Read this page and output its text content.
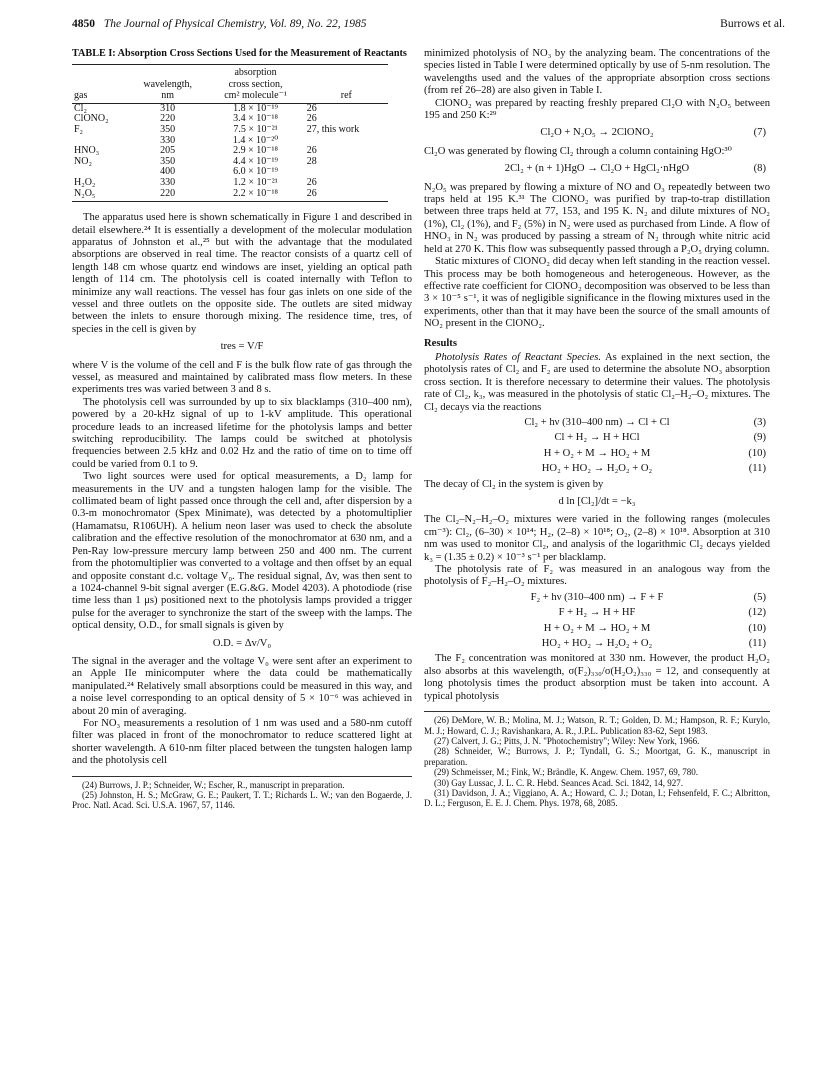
4850 The Journal of Physical Chemistry, Vol. 89, No. 22, 1985	Burrows et al.

TABLE I: Absorption Cross Sections Used for the Measurement of Reactants

		absorption	
	wavelength,	cross section,	
gas	nm	cm² molecule⁻¹	ref
Cl₂	310	1.8 × 10⁻¹⁹	26
ClONO₂	220	3.4 × 10⁻¹⁸	26
F₂	350	7.5 × 10⁻²¹	27, this work
	330	1.4 × 10⁻²⁰	
HNO₃	205	2.9 × 10⁻¹⁸	26
NO₂	350	4.4 × 10⁻¹⁹	28
	400	6.0 × 10⁻¹⁹	
H₂O₂	330	1.2 × 10⁻²¹	26
N₂O₅	220	2.2 × 10⁻¹⁸	26

The apparatus used here is shown schematically in Figure 1 and described in detail elsewhere.²⁴ It is essentially a development of the molecular modulation apparatus of Johnston et al.,²⁵ but with the advantage that the modulated absorptions are observed in real time. The reactor consists of a quartz cell of length 148 cm whose quartz end windows are inset, yielding an optical path length of 114 cm. The photolysis cell is coated internally with Teflon to minimize any wall reactions. The vessel has four gas inlets on one side of the vessel and three outlets on the opposite side. The outlets are sited midway between the inlets to ensure thorough mixing. The residence time, tres, of species in the cell is given by

tres = V/F

where V is the volume of the cell and F is the bulk flow rate of gas through the vessel, as measured and maintained by calibrated mass flow meters. In these experiments tres was varied between 3 and 8 s.

The photolysis cell was surrounded by up to six blacklamps (310–400 nm), powered by a 20-kHz signal of up to 1-kV amplitude. This operational procedure leads to an increased lifetime for the photolysis lamps and better switching reproducibility. The lamps could be switched at photolysis frequencies between 2.5 kHz and 0.02 Hz and the ratio of time on to time off could be varied from 0.1 to 9.

Two light sources were used for optical measurements, a D₂ lamp for measurements in the UV and a tungsten halogen lamp for the visible. The collimated beam of light passed once through the cell and, after dispersion by a 0.3-m monochromator (Spex Minimate), was detected by a photomultiplier (Hamamatsu, R106UH). A helium neon laser was used to check the absolute calibration and the effective resolution of the monochromator at 630 nm, and a Pen-Ray low-pressure mercury lamp between 250 and 400 nm. The current from the photomultiplier was converted to a voltage and then offset by an equal and opposite constant d.c. voltage V₀. The residual signal, Δv, was then sent to a 1024-channel 9-bit signal averger (E.G.&G. Model 4203). A photodiode (rise time less than 1 μs) positioned next to the photolysis lamps provided a trigger pulse for the averager to synchronize the start of the sweep with the lamps. The optical density, O.D., for small signals is given by

O.D. = Δv/V₀

The signal in the averager and the voltage V₀ were sent after an experiment to an Apple IIe minicomputer where the data could be mathematically manipulated.²⁴ Relatively small absorptions could be measured in this way, and a noise level corresponding to an optical density of 5 × 10⁻⁶ was achieved in about 20 min of averaging.

For NO₃ measurements a resolution of 1 nm was used and a 580-nm cutoff filter was placed in front of the monochromator to reduce scattered light at shorter wavelength. A 610-nm filter placed between the tungsten halogen lamp and the photolysis cell

(24) Burrows, J. P.; Schneider, W.; Escher, R., manuscript in preparation.
(25) Johnston, H. S.; McGraw, G. E.; Paukert, T. T.; Richards L. W.; van den Bogaerde, J. Proc. Natl. Acad. Sci. U.S.A. 1967, 57, 1146.

minimized photolysis of NO₃ by the analyzing beam. The concentrations of the species listed in Table I were determined optically by use of 5-nm resolution. The wavelengths used and the values of the appropriate absorption cross sections (from ref 26–28) are also given in Table I.

ClONO₂ was prepared by reacting freshly prepared Cl₂O with N₂O₅ between 195 and 250 K:²⁹

Cl₂O + N₂O₅ → 2ClONO₂	(7)

Cl₂O was generated by flowing Cl₂ through a column containing HgO:³⁰

2Cl₂ + (n + 1)HgO → Cl₂O + HgCl₂·nHgO	(8)

N₂O₅ was prepared by flowing a mixture of NO and O₃ repeatedly between two traps held at 195 K.³¹ The ClONO₂ was purified by trap-to-trap distillation between three traps held at 77, 153, and 195 K. N₂ and dilute mixtures of NO₂ (1%), Cl₂ (1%), and F₂ (5%) in N₂ were used as purchased from Linde. A flow of HNO₃ in N₂ was produced by passing a stream of N₂ through white nitric acid held at 270 K. This flow was subsequently passed through a P₂O₅ drying column.

Static mixtures of ClONO₂ did decay when left standing in the reaction vessel. This process may be both homogeneous and heterogeneous. However, as the effective rate coefficient for ClONO₂ decomposition was observed to be less than 3 × 10⁻⁵ s⁻¹, it was of negligible significance in the flowing mixtures used in the experiments, other than that it may have been the source of the small amounts of NO₂ present in the ClONO₂.

Results

Photolysis Rates of Reactant Species. As explained in the next section, the photolysis rates of Cl₂ and F₂ are used to determine the absolute NO₃ absorption cross section. It is therefore necessary to determine their values. The photolysis rate of Cl₂, k₃, was measured in the photolysis of static Cl₂–H₂–O₂ mixtures. The Cl₂ decays via the reactions

Cl₂ + hν (310–400 nm) → Cl + Cl	(3)
Cl + H₂ → H + HCl	(9)
H + O₂ + M → HO₂ + M	(10)
HO₂ + HO₂ → H₂O₂ + O₂	(11)

The decay of Cl₂ in the system is given by

d ln [Cl₂]/dt = −k₃

The Cl₂–N₂–H₂–O₂ mixtures were varied in the following ranges (molecules cm⁻³): Cl₂, (6–30) × 10¹⁴; H₂, (2–8) × 10¹⁸; O₂, (2–8) × 10¹⁸. Absorption at 310 nm was used to monitor Cl₂, and analysis of the logarithmic Cl₂ decays yielded k₃ = (1.35 ± 0.2) × 10⁻³ s⁻¹ per blacklamp.

The photolysis rate of F₂ was measured in an analogous way from the photolysis of F₂–H₂–O₂ mixtures.

F₂ + hν (310–400 nm) → F + F	(5)
F + H₂ → H + HF	(12)
H + O₂ + M → HO₂ + M	(10)
HO₂ + HO₂ → H₂O₂ + O₂	(11)

The F₂ concentration was monitored at 330 nm. However, the product H₂O₂ also absorbs at this wavelength, σ(F₂)₃₃₀/σ(H₂O₂)₃₃₀ = 12, and consequently at long photolysis times the product absorption must be taken into account. A typical photolysis

(26) DeMore, W. B.; Molina, M. J.; Watson, R. T.; Golden, D. M.; Hampson, R. F.; Kurylo, M. J.; Howard, C. J.; Ravishankara, A. R., J.P.L. Publication 83-62, Sept 1983.
(27) Calvert, J. G.; Pitts, J. N. "Photochemistry"; Wiley: New York, 1966.
(28) Schneider, W.; Burrows, J. P.; Tyndall, G. S.; Moortgat, G. K., manuscript in preparation.
(29) Schmeisser, M.; Fink, W.; Brändle, K. Angew. Chem. 1957, 69, 780.
(30) Gay Lussac, J. L. C. R. Hebd. Seances Acad. Sci. 1842, 14, 927.
(31) Davidson, J. A.; Viggiano, A. A.; Howard, C. J.; Dotan, I.; Fehsenfeld, F. C.; Albritton, D. L.; Ferguson, E. E. J. Chem. Phys. 1978, 68, 2085.
